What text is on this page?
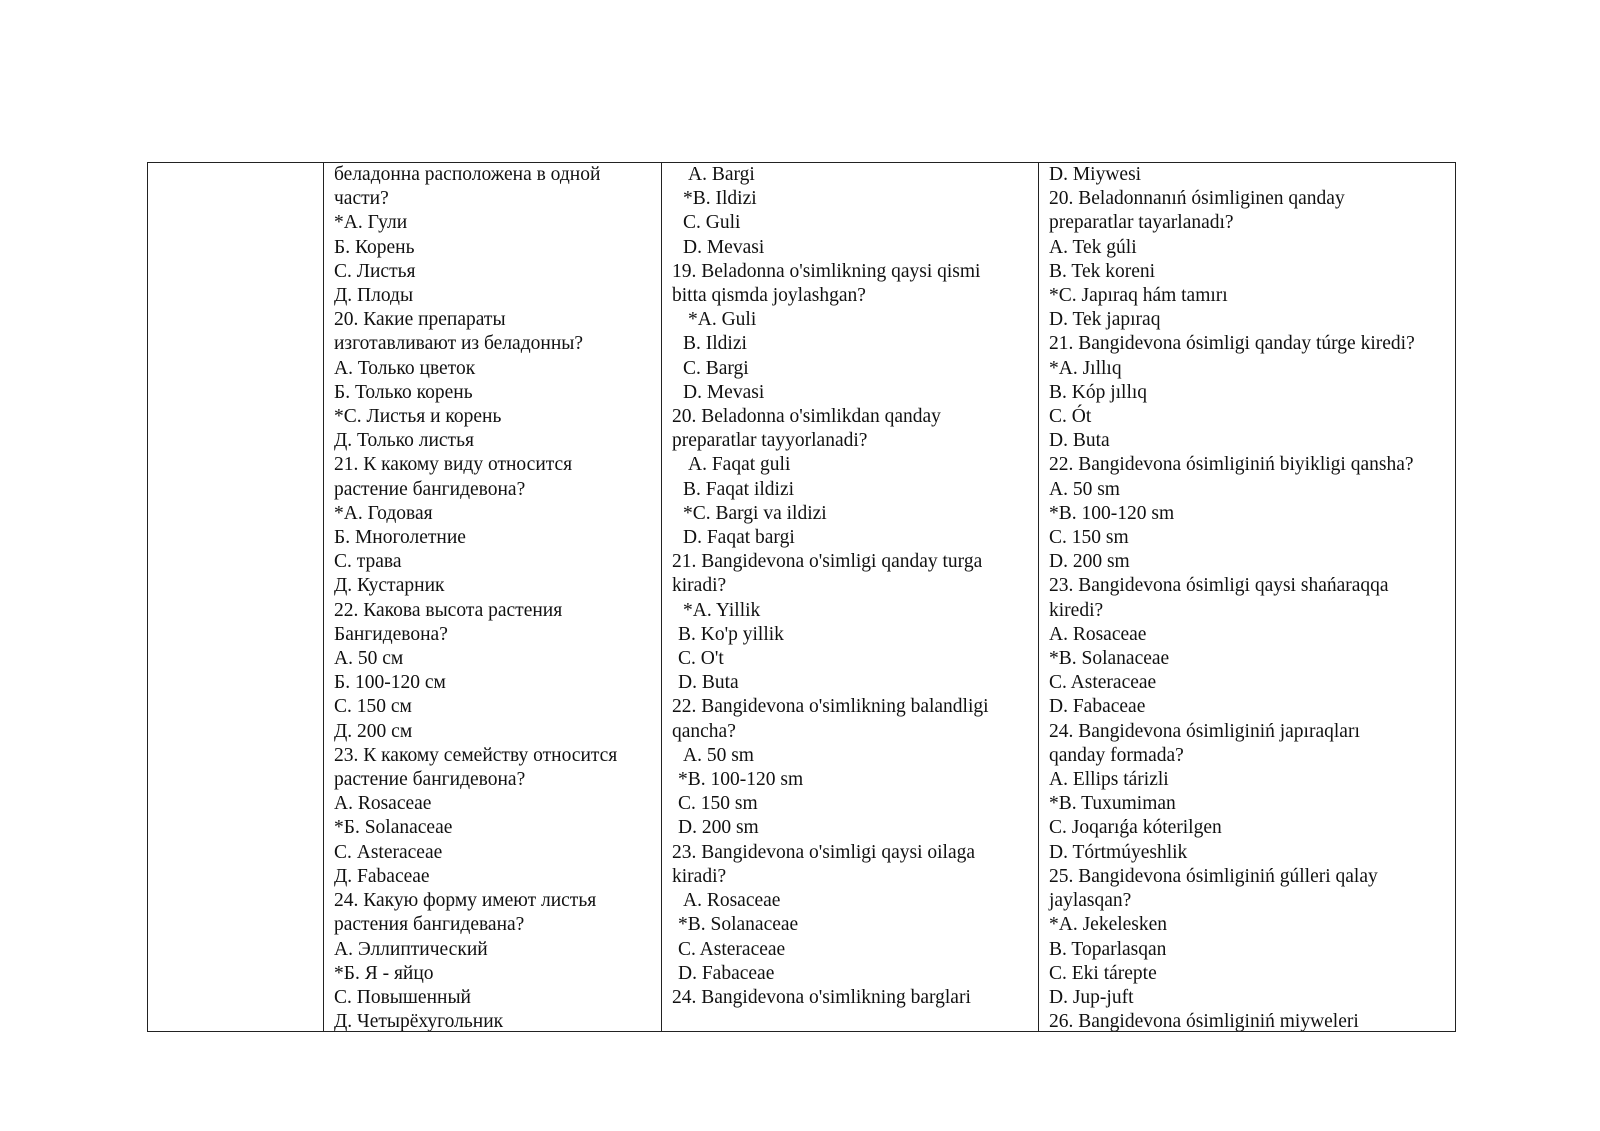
беладонна расположена в одной
части?
*А. Гули
Б. Корень
С. Листья
Д. Плоды
20. Какие препараты
изготавливают из беладонны?
А. Только цветок
Б. Только корень
*С. Листья и корень
Д. Только листья
21. К какому виду относится
растение бангидевона?
*А. Годовая
Б. Многолетние
С. трава
Д. Кустарник
22. Какова высота растения
Бангидевона?
А. 50 см
Б. 100-120 см
С. 150 см
Д. 200 см
23. К какому семейству относится
растение бангидевона?
А. Rosaceae
*Б. Solanaceae
С. Asteraceae
Д. Fabaceae
24. Какую форму имеют листья
растения бангидевана?
А. Эллиптический
*Б. Я - яйцо
С. Повышенный
Д. Четырёхугольник
A. Bargi
*B. Ildizi
C. Guli
D. Mevasi
19. Beladonna o'simlikning qaysi qismi
bitta qismda joylashgan?
*A. Guli
B. Ildizi
C. Bargi
D. Mevasi
20. Beladonna o'simlikdan qanday
preparatlar tayyorlanadi?
A. Faqat guli
B. Faqat ildizi
*C. Bargi va ildizi
D. Faqat bargi
21. Bangidevona o'simligi qanday turga
kiradi?
*A. Yillik
B. Ko'p yillik
C. O't
D. Buta
22. Bangidevona o'simlikning balandligi
qancha?
A. 50 sm
*B. 100-120 sm
C. 150 sm
D. 200 sm
23. Bangidevona o'simligi qaysi oilaga
kiradi?
A. Rosaceae
*B. Solanaceae
C. Asteraceae
D. Fabaceae
24. Bangidevona o'simlikning barglari
D. Miywesi
20. Beladonnanıń ósimliginen qanday
preparatlar tayarlanadı?
A. Tek gúli
B. Tek koreni
*C. Japıraq hám tamırı
D. Tek japıraq
21. Bangidevona ósimligi qanday túrge kiredi?
*A. Jıllıq
B. Kóp jıllıq
C. Ót
D. Buta
22. Bangidevona ósimliginiń biyikligi qansha?
A. 50 sm
*B. 100-120 sm
C. 150 sm
D. 200 sm
23. Bangidevona ósimligi qaysi shańaraqqa
kiredi?
A. Rosaceae
*B. Solanaceae
C. Asteraceae
D. Fabaceae
24. Bangidevona ósimliginiń japıraqları
qanday formada?
A. Ellips tárizli
*B. Tuxumiman
C. Joqarıǵa kóterilgen
D. Tórtmúyeshlik
25. Bangidevona ósimliginiń gúlleri qalay
jaylasqan?
*A. Jekelesken
B. Toparlasqan
C. Eki tárepte
D. Jup-juft
26. Bangidevona ósimliginiń miyweleri
